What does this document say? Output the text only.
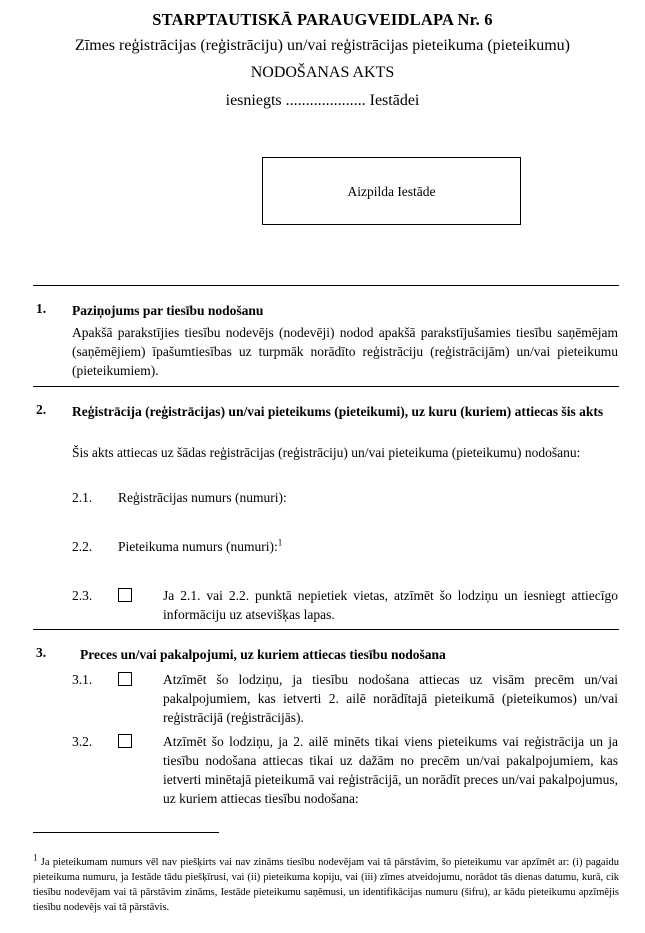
STARPTAUTISKĀ PARAUGVEIDLAPA Nr. 6
Zīmes reģistrācijas (reģistrāciju) un/vai reģistrācijas pieteikuma (pieteikumu)
NODOŠANAS AKTS
iesniegts .................... Iestādei
Aizpilda Iestāde
1. Paziņojums par tiesību nodošanu
Apakšā parakstījies tiesību nodevējs (nodevēji) nodod apakšā parakstījušamies tiesību saņēmējam (saņēmējiem) īpašumtiesības uz turpmāk norādīto reģistrāciju (reģistrācijām) un/vai pieteikumu (pieteikumiem).
2. Reģistrācija (reģistrācijas) un/vai pieteikums (pieteikumi), uz kuru (kuriem) attiecas šis akts
Šis akts attiecas uz šādas reģistrācijas (reģistrāciju) un/vai pieteikuma (pieteikumu) nodošanu:
2.1. Reģistrācijas numurs (numuri):
2.2. Pieteikuma numurs (numuri):$^1$
2.3.	Ja 2.1. vai 2.2. punktā nepietiek vietas, atzīmēt šo lodziņu un iesniegt attiecīgo informāciju uz atsevišķas lapas.
3.	Preces un/vai pakalpojumi, uz kuriem attiecas tiesību nodošana
3.1.	Atzīmēt šo lodziņu, ja tiesību nodošana attiecas uz visām precēm un/vai pakalpojumiem, kas ietverti 2. ailē norādītajā pieteikumā (pieteikumos) un/vai reģistrācijā (reģistrācijās).
3.2.	Atzīmēt šo lodziņu, ja 2. ailē minēts tikai viens pieteikums vai reģistrācija un ja tiesību nodošana attiecas tikai uz dažām no precēm un/vai pakalpojumiem, kas ietverti minētajā pieteikumā vai reģistrācijā, un norādīt preces un/vai pakalpojumus, uz kuriem attiecas tiesību nodošana:
$^1$ Ja pieteikumam numurs vēl nav piešķirts vai nav zināms tiesību nodevējam vai tā pārstāvim, šo pieteikumu var apzīmēt ar: (i) pagaidu pieteikuma numuru, ja Iestāde tādu piešķīrusi, vai (ii) pieteikuma kopiju, vai (iii) zīmes atveidojumu, norādot tās dienas datumu, kurā, cik tiesību nodevējam vai tā pārstāvim zināms, Iestāde pieteikumu saņēmusi, un identifikācijas numuru (šifru), ar kādu pieteikumu apzīmējis tiesību nodevējs vai tā pārstāvis.
